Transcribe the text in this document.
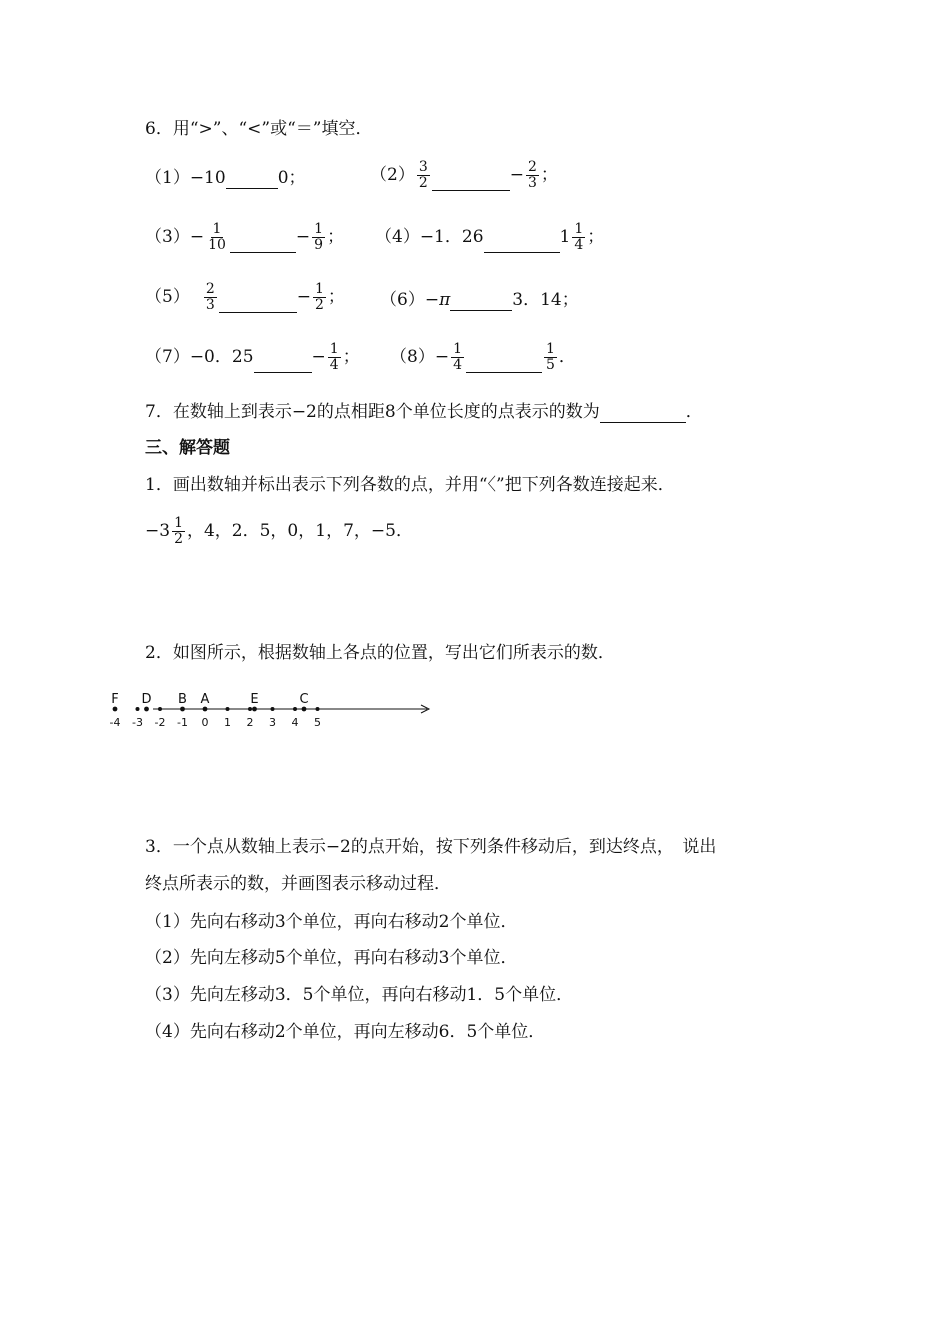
6．用“>”、“<”或“＝”填空．
（1）−10	0；	$(2) \frac{3}{2}$	− $\frac{2}{3}$ ；
$(3)- \frac{1}{10}$	− $\frac{1}{9}$ ； （4）−1．26	$1 \frac{1}{4}$ ；
$(5) \frac{2}{3}$	− $\frac{1}{2}$ ； （6）−π	3．14；
（7）−0．25	− $\frac{1}{4}$ ； $(8)- \frac{1}{4}$	$\frac{1}{5}$ ．
7．在数轴上到表示−2的点相距8个单位长度的点表示的数为	．
三、解答题
1．画出数轴并标出表示下列各数的点，并用“〈”把下列各数连接起来．
$-3 \frac{1}{2}$ ，4，2．5，0，1，7，−5．
2．如图所示，根据数轴上各点的位置，写出它们所表示的数．
F D B A	E	C
-4 -3 -2 -1 0 1 2 3 4 5
3．一个点从数轴上表示−2的点开始，按下列条件移动后，到达终点，　说出
终点所表示的数，并画图表示移动过程．
（1）先向右移动3个单位，再向右移动2个单位．
（2）先向左移动5个单位，再向右移动3个单位．
（3）先向左移动3．5个单位，再向右移动1．5个单位．
（4）先向右移动2个单位，再向左移动6．5个单位．
